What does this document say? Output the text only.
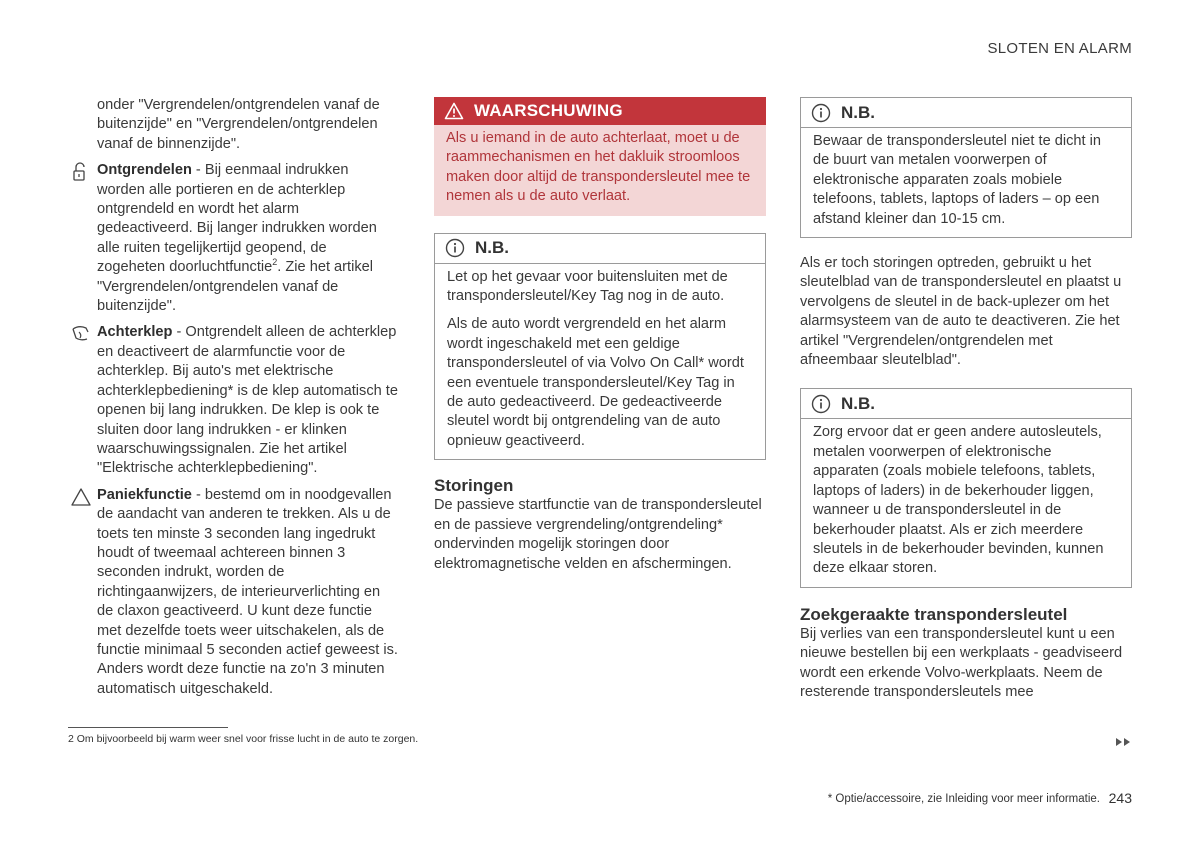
SLOTEN EN ALARM

onder "Vergrendelen/ontgrendelen vanaf de buitenzijde" en "Vergrendelen/ontgrendelen vanaf de binnenzijde".

Ontgrendelen - Bij eenmaal indrukken worden alle portieren en de achterklep ontgrendeld en wordt het alarm gedeactiveerd. Bij langer indrukken worden alle ruiten tegelijkertijd geopend, de zogeheten doorluchtfunctie$^2$. Zie het artikel "Vergrendelen/ontgrendelen vanaf de buitenzijde".
Achterklep - Ontgrendelt alleen de achterklep en deactiveert de alarmfunctie voor de achterklep. Bij auto's met elektrische achterklepbediening* is de klep automatisch te openen bij lang indrukken. De klep is ook te sluiten door lang indrukken - er klinken waarschuwingssignalen. Zie het artikel "Elektrische achterklepbediening".
Paniekfunctie - bestemd om in noodgevallen de aandacht van anderen te trekken. Als u de toets ten minste 3 seconden lang ingedrukt houdt of tweemaal achtereen binnen 3 seconden indrukt, worden de richtingaanwijzers, de interieurverlichting en de claxon geactiveerd. U kunt deze functie met dezelfde toets weer uitschakelen, als de functie minimaal 5 seconden actief geweest is. Anders wordt deze functie na zo'n 3 minuten automatisch uitgeschakeld.
WAARSCHUWING

Als u iemand in de auto achterlaat, moet u de raammechanismen en het dakluik stroomloos maken door altijd de transpondersleutel mee te nemen als u de auto verlaat.

N.B.

Let op het gevaar voor buitensluiten met de transpondersleutel/Key Tag nog in de auto.

Als de auto wordt vergrendeld en het alarm wordt ingeschakeld met een geldige transpondersleutel of via Volvo On Call* wordt een eventuele transpondersleutel/Key Tag in de auto gedeactiveerd. De gedeactiveerde sleutel wordt bij ontgrendeling van de auto opnieuw geactiveerd.

Storingen

De passieve startfunctie van de transpondersleutel en de passieve vergrendeling/ontgrendeling* ondervinden mogelijk storingen door elektromagnetische velden en afschermingen.

N.B.

Bewaar de transpondersleutel niet te dicht in de buurt van metalen voorwerpen of elektronische apparaten zoals mobiele telefoons, tablets, laptops of laders – op een afstand kleiner dan 10-15 cm.

Als er toch storingen optreden, gebruikt u het sleutelblad van de transpondersleutel en plaatst u vervolgens de sleutel in de back-uplezer om het alarmsysteem van de auto te deactiveren. Zie het artikel "Vergrendelen/ontgrendelen met afneembaar sleutelblad".

N.B.

Zorg ervoor dat er geen andere autosleutels, metalen voorwerpen of elektronische apparaten (zoals mobiele telefoons, tablets, laptops of laders) in de bekerhouder liggen, wanneer u de transpondersleutel in de bekerhouder plaatst. Als er zich meerdere sleutels in de bekerhouder bevinden, kunnen deze elkaar storen.

Zoekgeraakte transpondersleutel

Bij verlies van een transpondersleutel kunt u een nieuwe bestellen bij een werkplaats - geadviseerd wordt een erkende Volvo-werkplaats. Neem de resterende transpondersleutels mee

2 Om bijvoorbeeld bij warm weer snel voor frisse lucht in de auto te zorgen.
* Optie/accessoire, zie Inleiding voor meer informatie. 243
